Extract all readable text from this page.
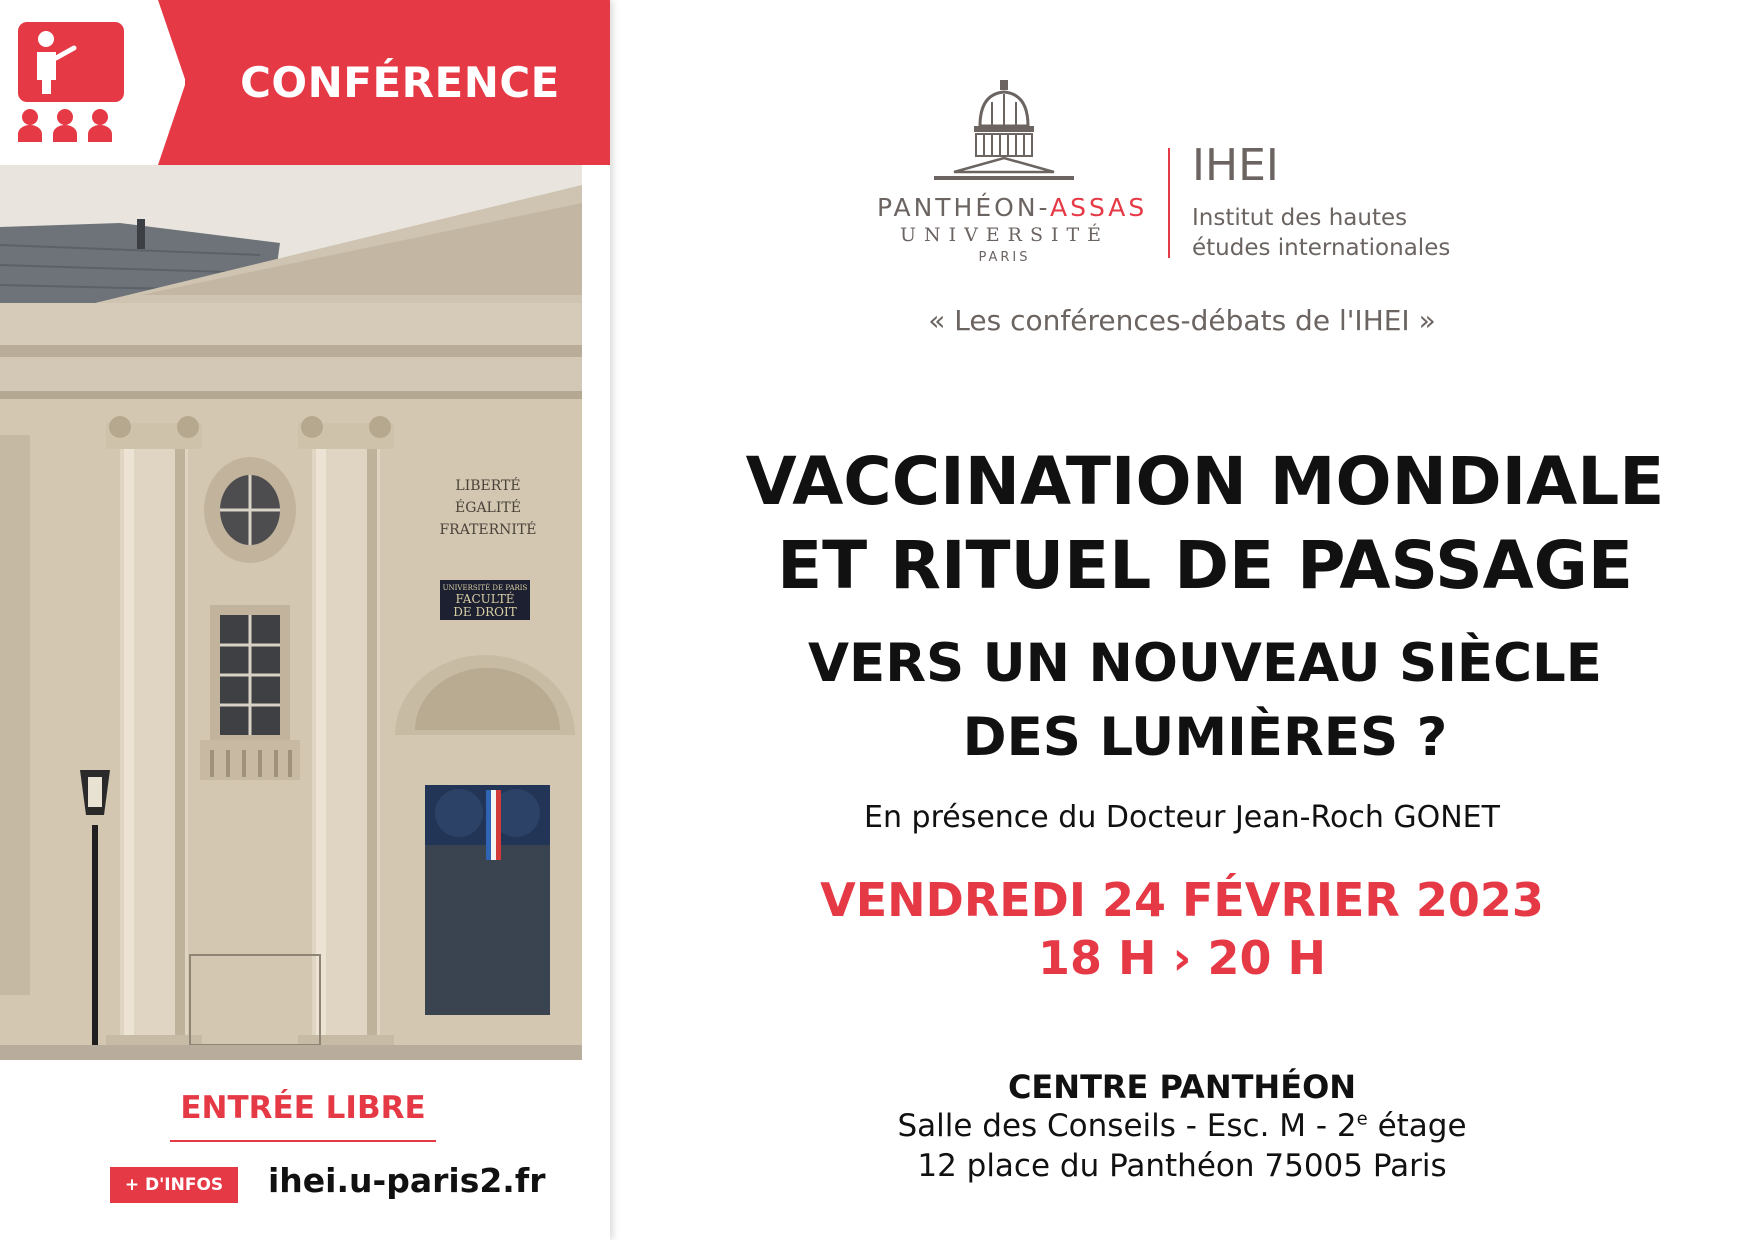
CONFÉRENCE
LIBERTÉ
ÉGALITÉ
FRATERNITÉ
UNIVERSITÉ DE PARIS
FACULTÉ
DE DROIT
ENTRÉE LIBRE
+ D'INFOS	ihei.u-paris2.fr
PANTHÉON-ASSAS
UNIVERSITÉ
PARIS
IHEI
Institut des hautes
études internationales
« Les conférences-débats de l'IHEI »
VACCINATION MONDIALE
ET RITUEL DE PASSAGE
VERS UN NOUVEAU SIÈCLE
DES LUMIÈRES ?
En présence du Docteur Jean-Roch GONET
VENDREDI 24 FÉVRIER 2023
18 H › 20 H
CENTRE PANTHÉON
Salle des Conseils - Esc. M - 2e étage
12 place du Panthéon 75005 Paris
